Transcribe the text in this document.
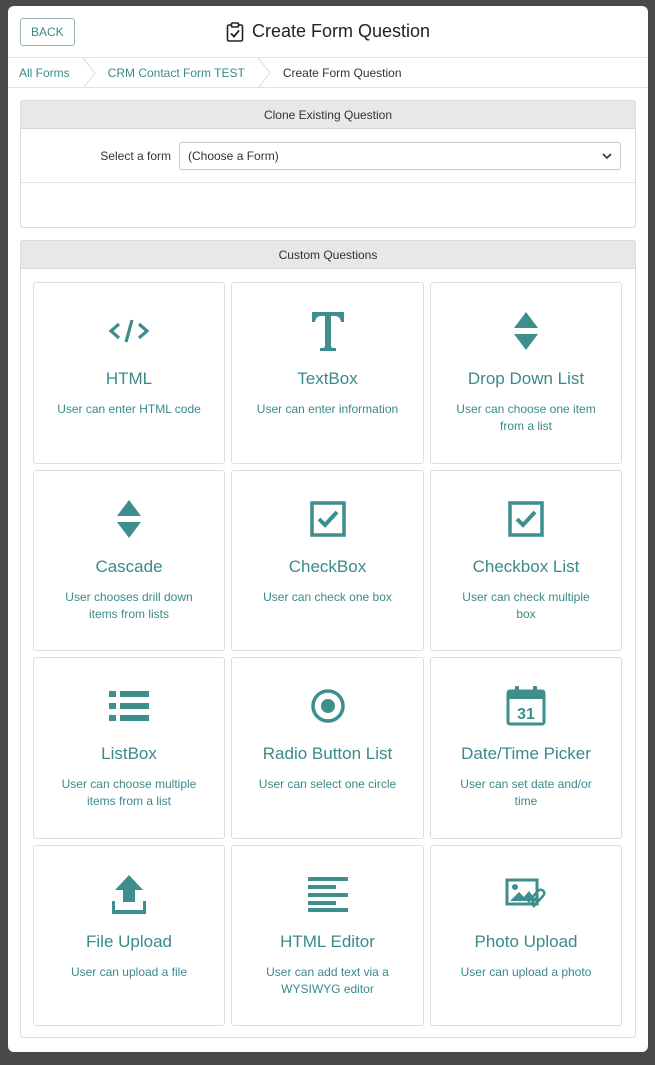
BACK	Create Form Question
All Forms	CRM Contact Form TEST	Create Form Question
Clone Existing Question
Select a form	(Choose a Form)
Custom Questions
HTML
User can enter HTML code
TextBox
User can enter information
Drop Down List
User can choose one item from a list
Cascade
User chooses drill down items from lists
CheckBox
User can check one box
Checkbox List
User can check multiple box
ListBox
User can choose multiple items from a list
Radio Button List
User can select one circle
31
Date/Time Picker
User can set date and/or time
File Upload
User can upload a file
HTML Editor
User can add text via a WYSIWYG editor
Photo Upload
User can upload a photo
